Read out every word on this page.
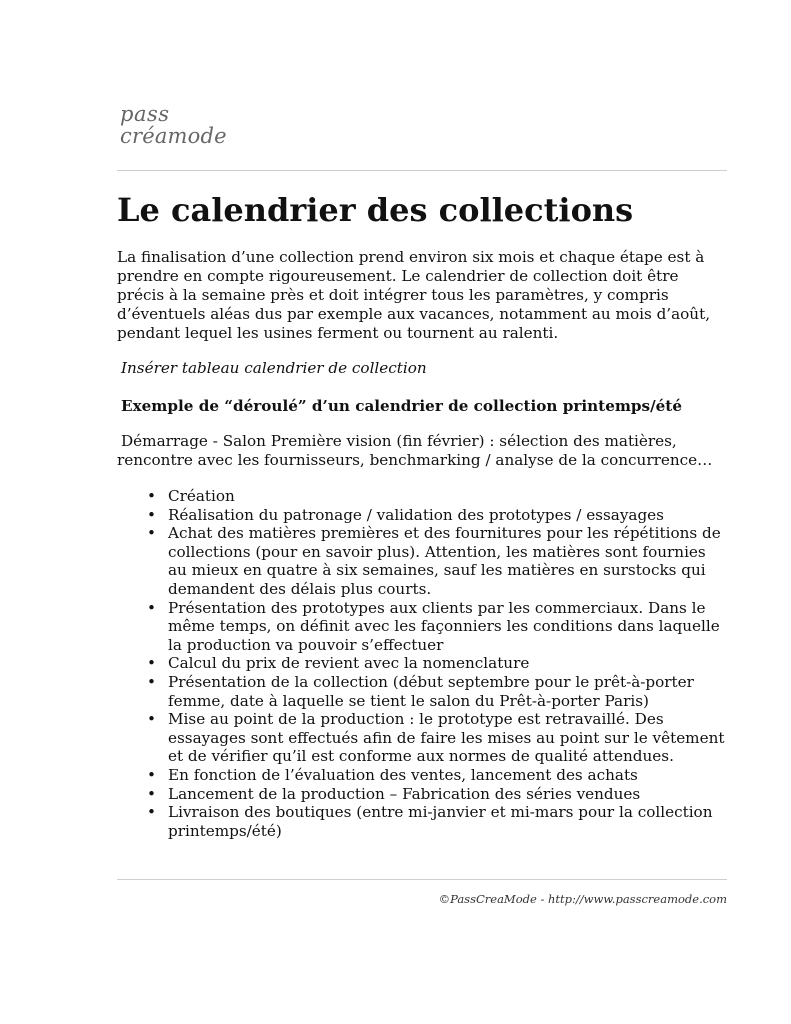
pass
créamode
Le calendrier des collections

La finalisation d’une collection prend environ six mois et chaque étape est à prendre en compte rigoureusement. Le calendrier de collection doit être précis à la semaine près et doit intégrer tous les paramètres, y compris d’éventuels aléas dus par exemple aux vacances, notamment au mois d’août, pendant lequel les usines ferment ou tournent au ralenti.

Insérer tableau calendrier de collection

Exemple de “déroulé” d’un calendrier de collection printemps/été

Démarrage - Salon Première vision (fin février) : sélection des matières, rencontre avec les fournisseurs, benchmarking / analyse de la concurrence…

• Création
• Réalisation du patronage / validation des prototypes / essayages
• Achat des matières premières et des fournitures pour les répétitions de collections (pour en savoir plus). Attention, les matières sont fournies au mieux en quatre à six semaines, sauf les matières en surstocks qui demandent des délais plus courts.
• Présentation des prototypes aux clients par les commerciaux. Dans le même temps, on définit avec les façonniers les conditions dans laquelle la production va pouvoir s’effectuer
• Calcul du prix de revient avec la nomenclature
• Présentation de la collection (début septembre pour le prêt-à-porter femme, date à laquelle se tient le salon du Prêt-à-porter Paris)
• Mise au point de la production : le prototype est retravaillé. Des essayages sont effectués afin de faire les mises au point sur le vêtement et de vérifier qu’il est conforme aux normes de qualité attendues.
• En fonction de l’évaluation des ventes, lancement des achats
• Lancement de la production – Fabrication des séries vendues
• Livraison des boutiques (entre mi-janvier et mi-mars pour la collection printemps/été)

©PassCreaMode - http://www.passcreamode.com
